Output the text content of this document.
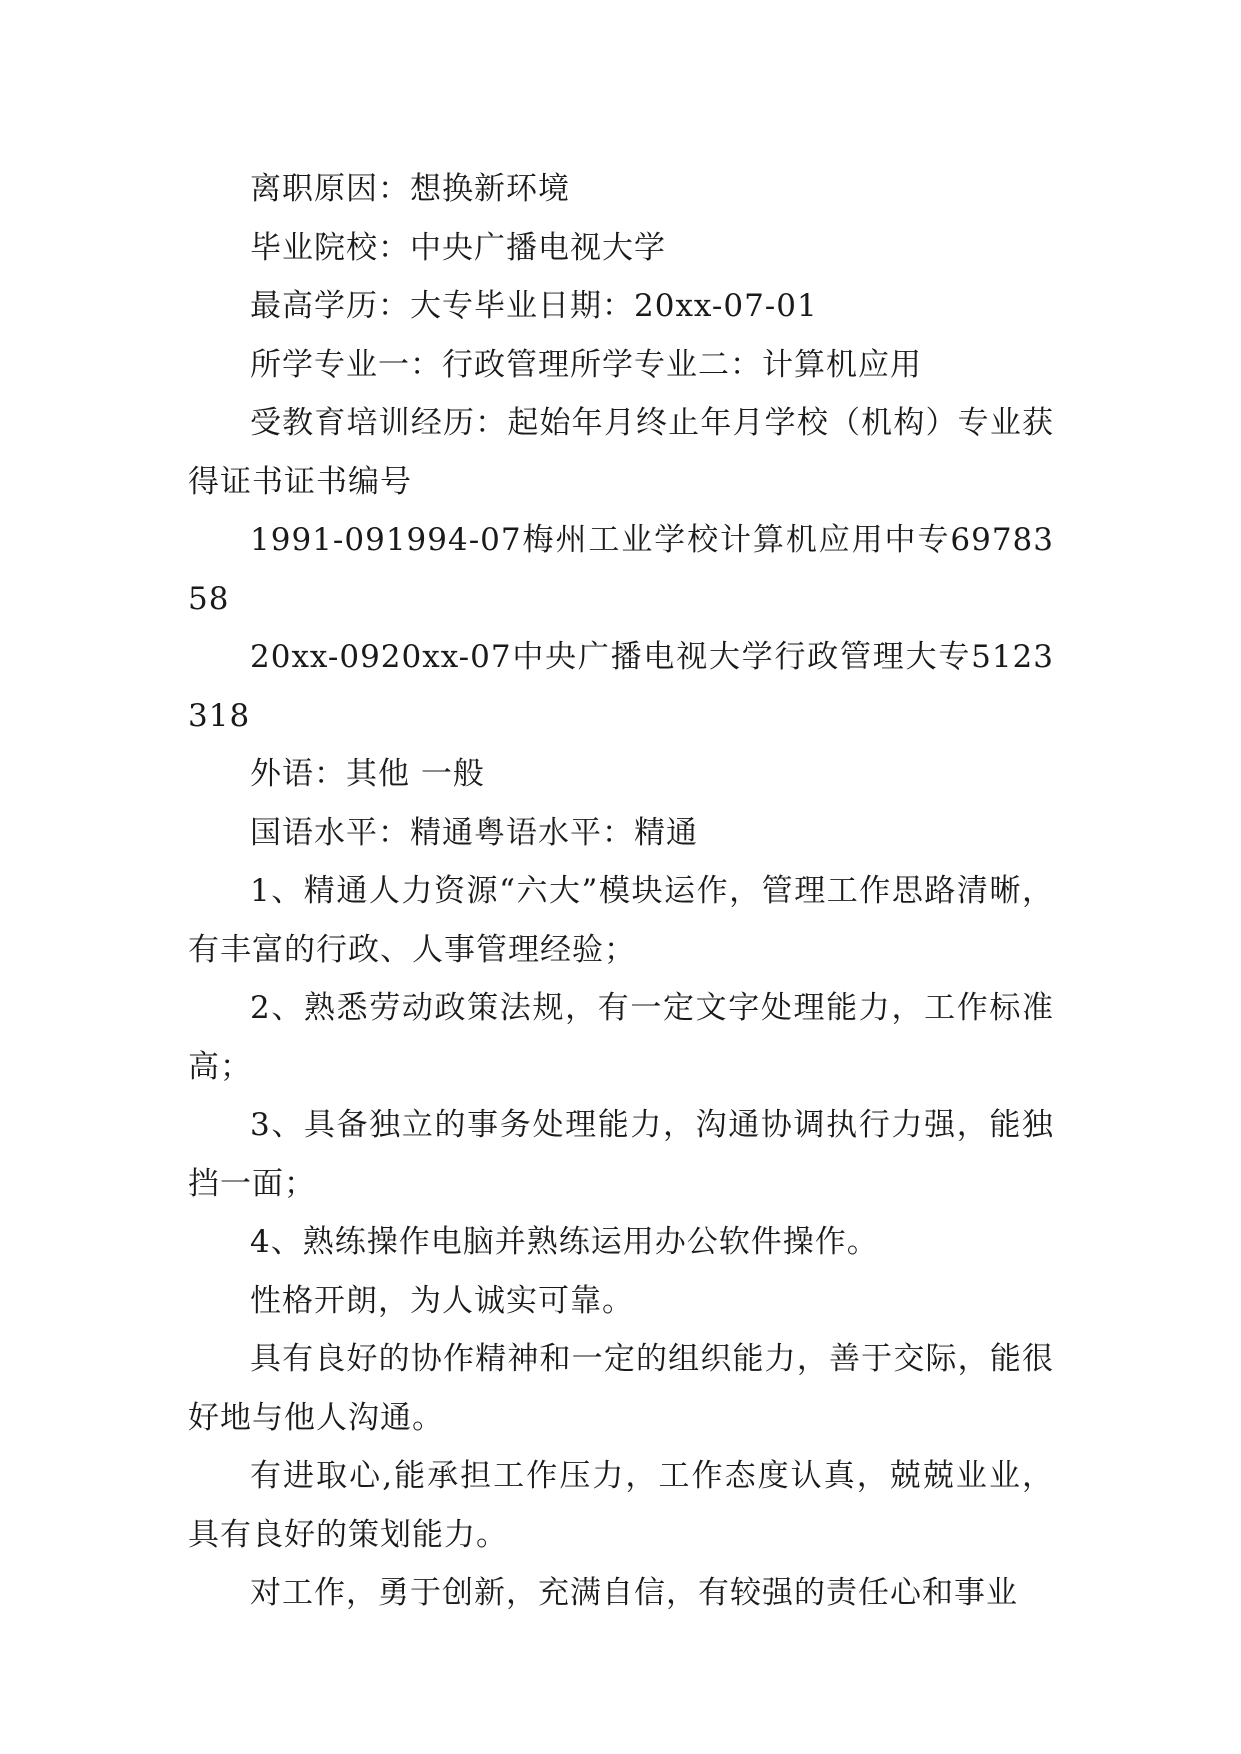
离职原因：想换新环境

毕业院校：中央广播电视大学

最高学历：大专毕业日期：20xx-07-01

所学专业一：行政管理所学专业二：计算机应用

受教育培训经历：起始年月终止年月学校（机构）专业获得证书证书编号

1991-091994-07梅州工业学校计算机应用中专6978358

20xx-0920xx-07中央广播电视大学行政管理大专5123318

外语：其他 一般

国语水平：精通粤语水平：精通

1、精通人力资源“六大”模块运作，管理工作思路清晰，有丰富的行政、人事管理经验；

2、熟悉劳动政策法规，有一定文字处理能力，工作标准高；

3、具备独立的事务处理能力，沟通协调执行力强，能独挡一面；

4、熟练操作电脑并熟练运用办公软件操作。

性格开朗，为人诚实可靠。

具有良好的协作精神和一定的组织能力，善于交际，能很好地与他人沟通。

有进取心,能承担工作压力，工作态度认真，兢兢业业，具有良好的策划能力。

对工作，勇于创新，充满自信，有较强的责任心和事业
